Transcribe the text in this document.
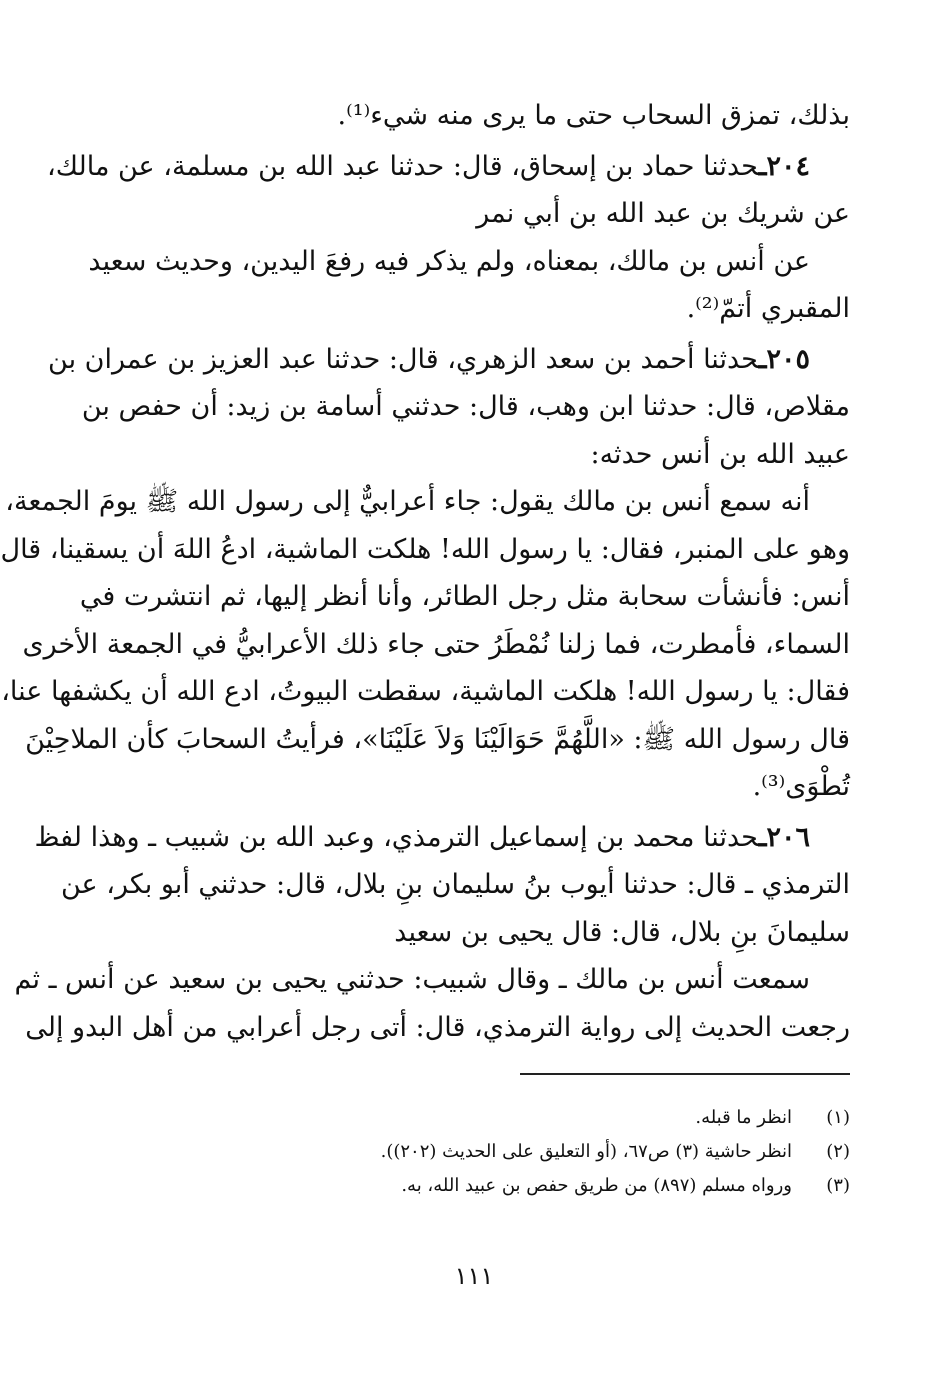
بذلك، تمزق السحاب حتى ما يرى منه شيء⁽¹⁾.
٢٠٤ـحدثنا حماد بن إسحاق، قال: حدثنا عبد الله بن مسلمة، عن مالك،
عن شريك بن عبد الله بن أبي نمر
عن أنس بن مالك، بمعناه، ولم يذكر فيه رفعَ اليدين، وحديث سعيد
المقبري أتمّ⁽²⁾.
٢٠٥ـحدثنا أحمد بن سعد الزهري، قال: حدثنا عبد العزيز بن عمران بن
مقلاص، قال: حدثنا ابن وهب، قال: حدثني أسامة بن زيد: أن حفص بن
عبيد الله بن أنس حدثه:
أنه سمع أنس بن مالك يقول: جاء أعرابيٌّ إلى رسول الله ﷺ يومَ الجمعة،
وهو على المنبر، فقال: يا رسول الله! هلكت الماشية، ادعُ اللهَ أن يسقينا، قال
أنس: فأنشأت سحابة مثل رجل الطائر، وأنا أنظر إليها، ثم انتشرت في
السماء، فأمطرت، فما زلنا نُمْطَرُ حتى جاء ذلك الأعرابيُّ في الجمعة الأخرى
فقال: يا رسول الله! هلكت الماشية، سقطت البيوتُ، ادع الله أن يكشفها عنا،
قال رسول الله ﷺ: «اللَّهُمَّ حَوَالَيْنَا وَلاَ عَلَيْنَا»، فرأيتُ السحابَ كأن الملاحِيْنَ
تُطْوَى⁽³⁾.
٢٠٦ـحدثنا محمد بن إسماعيل الترمذي، وعبد الله بن شبيب ـ وهذا لفظ
الترمذي ـ قال: حدثنا أيوب بنُ سليمان بنِ بلال، قال: حدثني أبو بكر، عن
سليمانَ بنِ بلال، قال: قال يحيى بن سعيد
سمعت أنس بن مالك ـ وقال شبيب: حدثني يحيى بن سعيد عن أنس ـ ثم
رجعت الحديث إلى رواية الترمذي، قال: أتى رجل أعرابي من أهل البدو إلى
(١)
انظر ما قبله.
(٢)
انظر حاشية (٣) ص٦٧، (أو التعليق على الحديث (٢٠٢)).
(٣)
ورواه مسلم (٨٩٧) من طريق حفص بن عبيد الله، به.
١١١
